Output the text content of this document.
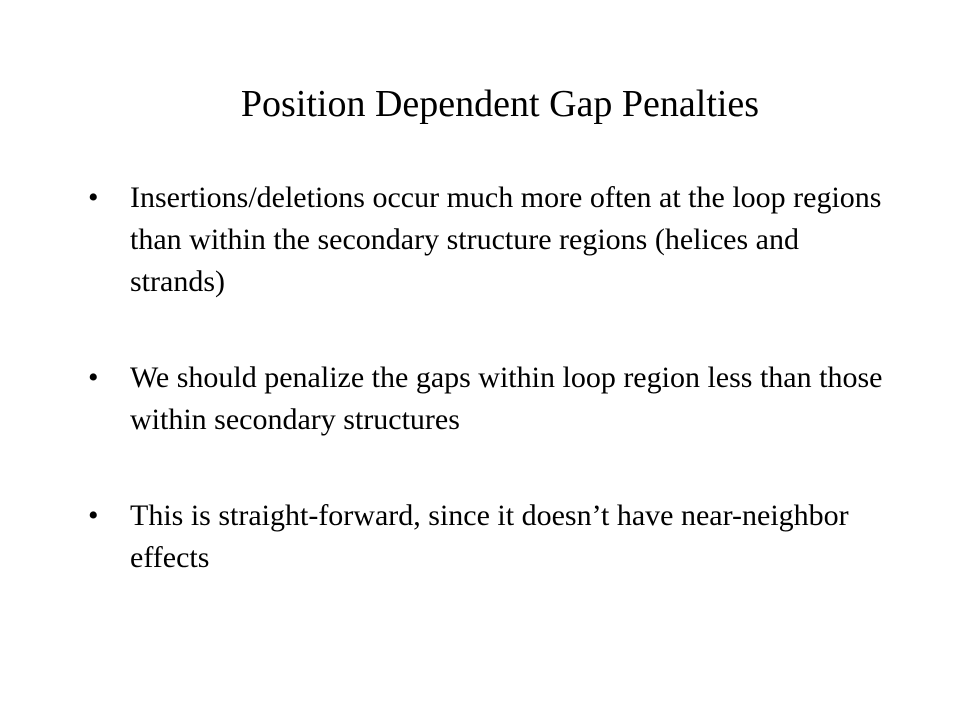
Position Dependent Gap Penalties
•	Insertions/deletions occur much more often at the loop regions than within the secondary structure regions (helices and strands)
•	We should penalize the gaps within loop region less than those within secondary structures
•	This is straight-forward, since it doesn’t have near-neighbor effects
